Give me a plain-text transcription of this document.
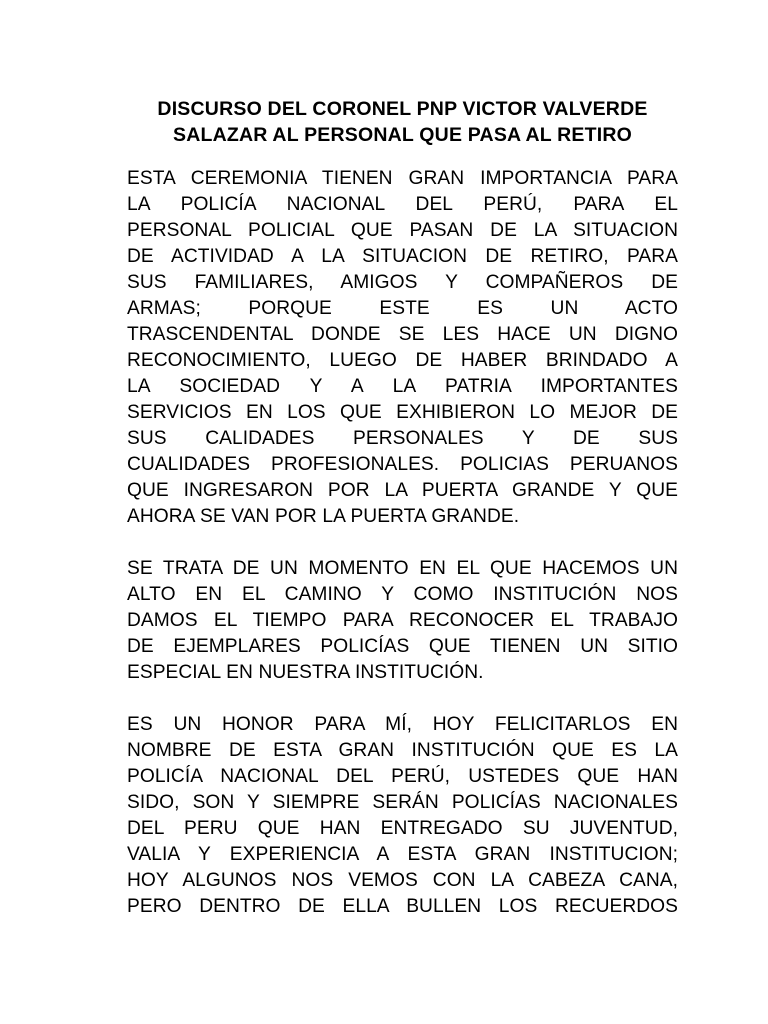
DISCURSO DEL CORONEL PNP VICTOR VALVERDE
SALAZAR AL PERSONAL QUE PASA AL RETIRO

ESTA CEREMONIA TIENEN GRAN IMPORTANCIA PARA
LA POLICÍA NACIONAL DEL PERÚ, PARA EL
PERSONAL POLICIAL QUE PASAN DE LA SITUACION
DE ACTIVIDAD A LA SITUACION DE RETIRO, PARA
SUS FAMILIARES, AMIGOS Y COMPAÑEROS DE
ARMAS; PORQUE ESTE ES UN ACTO
TRASCENDENTAL DONDE SE LES HACE UN DIGNO
RECONOCIMIENTO, LUEGO DE HABER BRINDADO A
LA SOCIEDAD Y A LA PATRIA IMPORTANTES
SERVICIOS EN LOS QUE EXHIBIERON LO MEJOR DE
SUS CALIDADES PERSONALES Y DE SUS
CUALIDADES PROFESIONALES. POLICIAS PERUANOS
QUE INGRESARON POR LA PUERTA GRANDE Y QUE
AHORA SE VAN POR LA PUERTA GRANDE.

SE TRATA DE UN MOMENTO EN EL QUE HACEMOS UN
ALTO EN EL CAMINO Y COMO INSTITUCIÓN NOS
DAMOS EL TIEMPO PARA RECONOCER EL TRABAJO
DE EJEMPLARES POLICÍAS QUE TIENEN UN SITIO
ESPECIAL EN NUESTRA INSTITUCIÓN.

ES UN HONOR PARA MÍ, HOY FELICITARLOS EN
NOMBRE DE ESTA GRAN INSTITUCIÓN QUE ES LA
POLICÍA NACIONAL DEL PERÚ, USTEDES QUE HAN
SIDO, SON Y SIEMPRE SERÁN POLICÍAS NACIONALES
DEL PERU QUE HAN ENTREGADO SU JUVENTUD,
VALIA Y EXPERIENCIA A ESTA GRAN INSTITUCION;
HOY ALGUNOS NOS VEMOS CON LA CABEZA CANA,
PERO DENTRO DE ELLA BULLEN LOS RECUERDOS
